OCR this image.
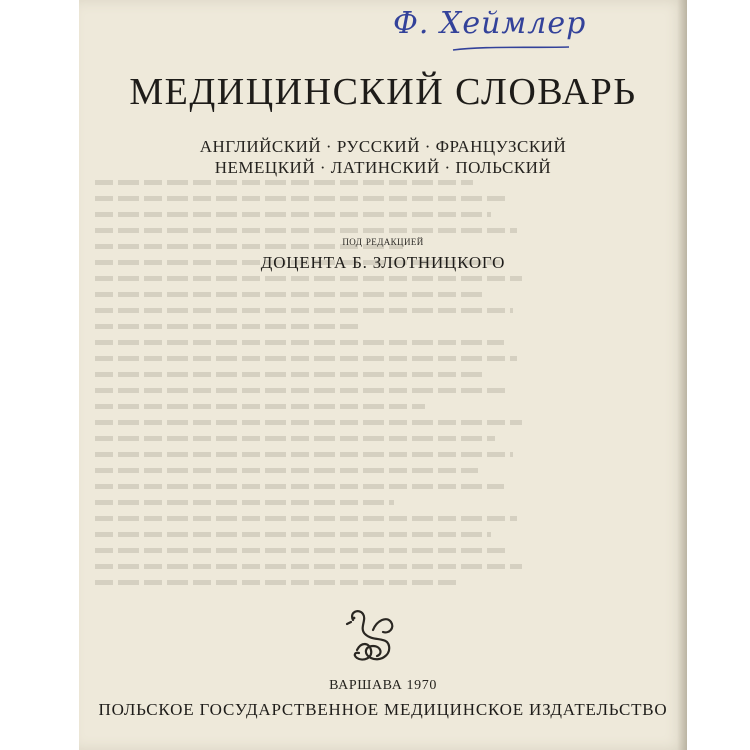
Ф. Хеймлер
МЕДИЦИНСКИЙ СЛОВАРЬ
АНГЛИЙСКИЙ · РУССКИЙ · ФРАНЦУЗСКИЙ
НЕМЕЦКИЙ · ЛАТИНСКИЙ · ПОЛЬСКИЙ
под редакцией
ДОЦЕНТА Б. ЗЛОТНИЦКОГО
ВАРШАВА 1970
ПОЛЬСКОЕ ГОСУДАРСТВЕННОЕ МЕДИЦИНСКОЕ ИЗДАТЕЛЬСТВО
